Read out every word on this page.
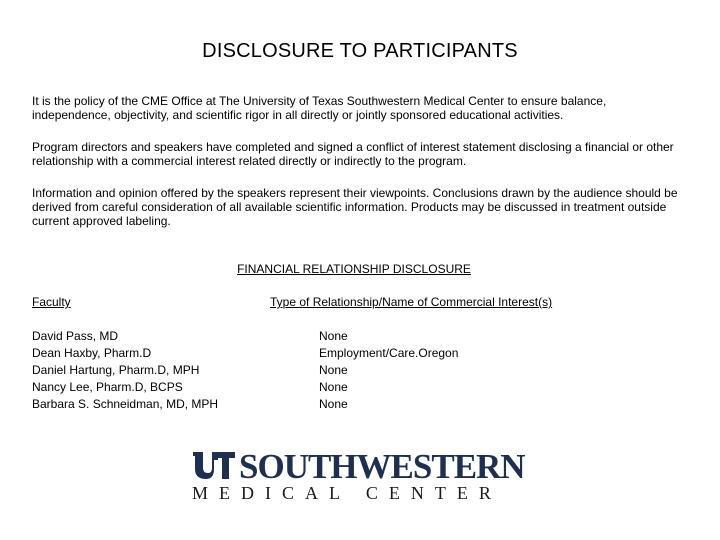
DISCLOSURE TO PARTICIPANTS
It is the policy of the CME Office at The University of Texas Southwestern Medical Center to ensure balance, independence, objectivity, and scientific rigor in all directly or jointly sponsored educational activities.
Program directors and speakers have completed and signed a conflict of interest statement disclosing a financial or other relationship with a commercial interest related directly or indirectly to the program.
Information and opinion offered by the speakers represent their viewpoints. Conclusions drawn by the audience should be derived from careful consideration of all available scientific information. Products may be discussed in treatment outside current approved labeling.
FINANCIAL RELATIONSHIP DISCLOSURE
Faculty	Type of Relationship/Name of Commercial Interest(s)
David Pass, MD
Dean Haxby, Pharm.D
Daniel Hartung, Pharm.D, MPH
Nancy Lee, Pharm.D, BCPS
Barbara S. Schneidman, MD, MPH
None
Employment/Care.Oregon
None
None
None
SOUTHWESTERN
MEDICAL CENTER
